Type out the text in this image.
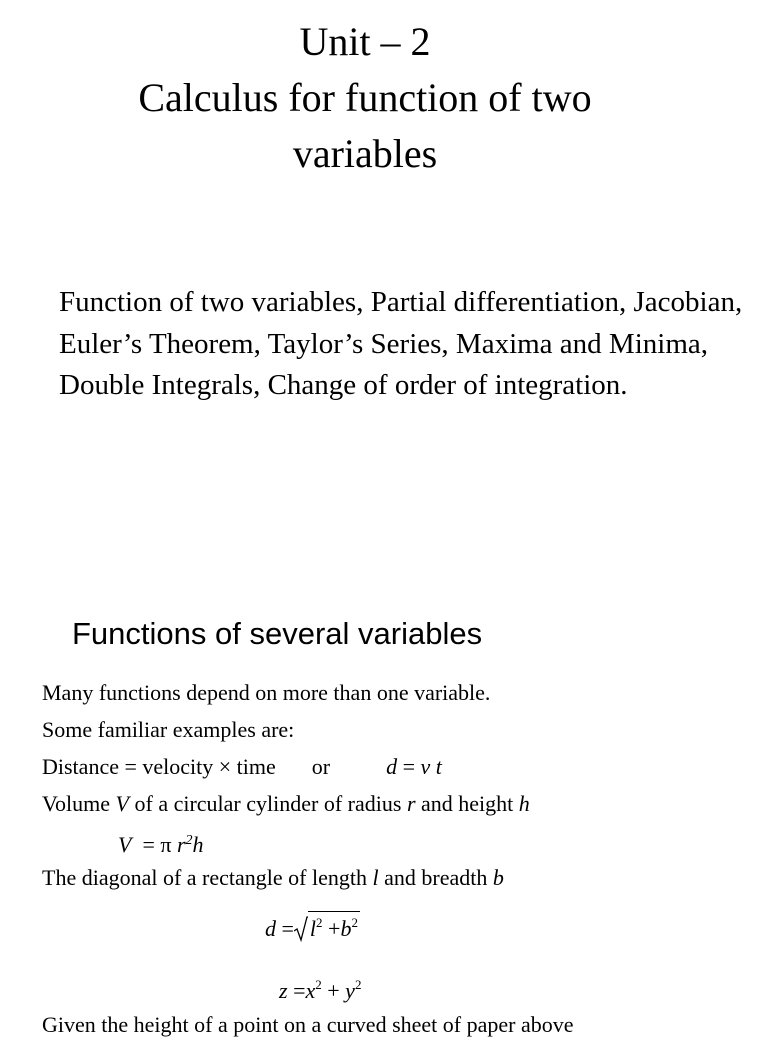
Unit – 2
Calculus for function of two
variables
Function of two variables, Partial differentiation, Jacobian, Euler’s Theorem, Taylor’s Series, Maxima and Minima, Double Integrals, Change of order of integration.
Functions of several variables
Many functions depend on more than one variable.
Some familiar examples are:
Distance = velocity × time or	d = v t
Volume V of a circular cylinder of radius r and height h
V  = π $r^2h$
The diagonal of a rectangle of length l and breadth b
$d = l^2 +b^2$
$z =x^2 + y^2$
Given the height of a point on a curved sheet of paper above
